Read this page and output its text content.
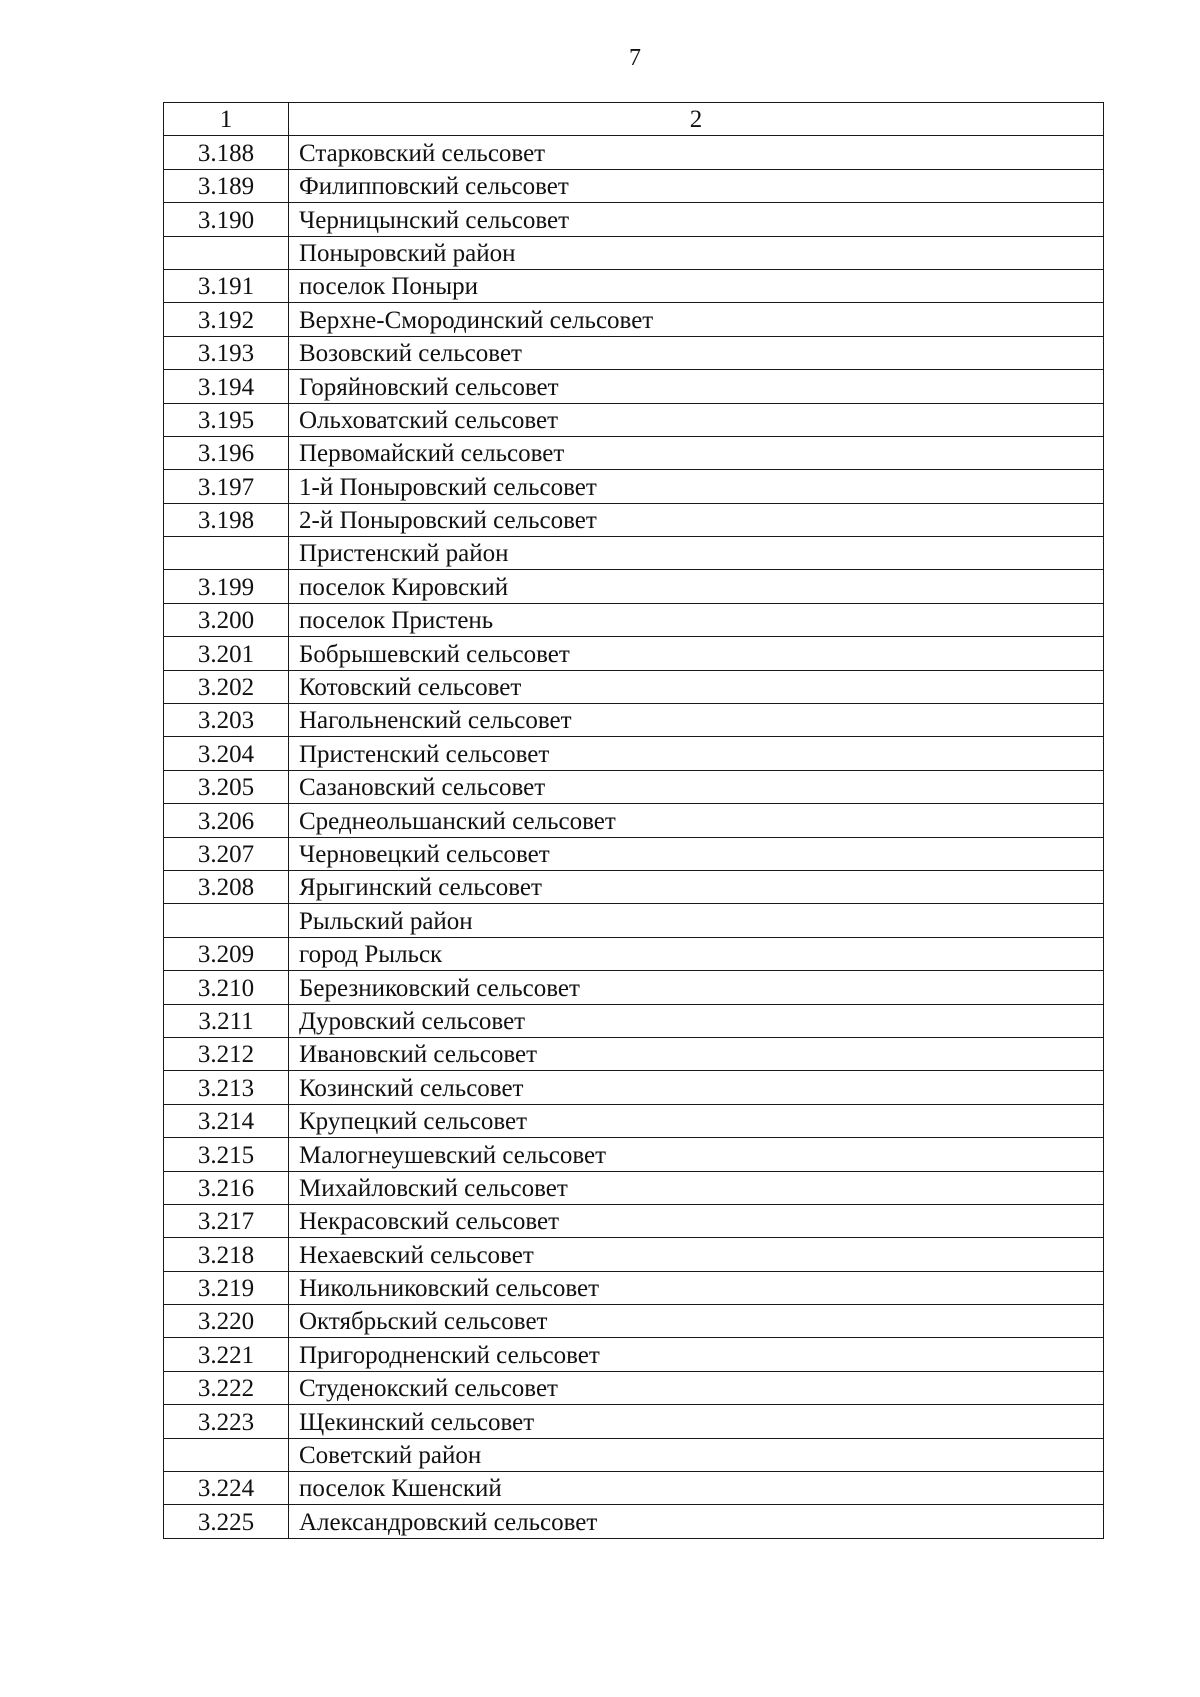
7
1	2
3.188	Старковский сельсовет
3.189	Филипповский сельсовет
3.190	Черницынский сельсовет
	Поныровский район
3.191	поселок Поныри
3.192	Верхне-Смородинский сельсовет
3.193	Возовский сельсовет
3.194	Горяйновский сельсовет
3.195	Ольховатский сельсовет
3.196	Первомайский сельсовет
3.197	1-й Поныровский сельсовет
3.198	2-й Поныровский сельсовет
	Пристенский район
3.199	поселок Кировский
3.200	поселок Пристень
3.201	Бобрышевский сельсовет
3.202	Котовский сельсовет
3.203	Нагольненский сельсовет
3.204	Пристенский сельсовет
3.205	Сазановский сельсовет
3.206	Среднеольшанский сельсовет
3.207	Черновецкий сельсовет
3.208	Ярыгинский сельсовет
	Рыльский район
3.209	город Рыльск
3.210	Березниковский сельсовет
3.211	Дуровский сельсовет
3.212	Ивановский сельсовет
3.213	Козинский сельсовет
3.214	Крупецкий сельсовет
3.215	Малогнеушевский сельсовет
3.216	Михайловский сельсовет
3.217	Некрасовский сельсовет
3.218	Нехаевский сельсовет
3.219	Никольниковский сельсовет
3.220	Октябрьский сельсовет
3.221	Пригородненский сельсовет
3.222	Студенокский сельсовет
3.223	Щекинский сельсовет
	Советский район
3.224	поселок Кшенский
3.225	Александровский сельсовет
